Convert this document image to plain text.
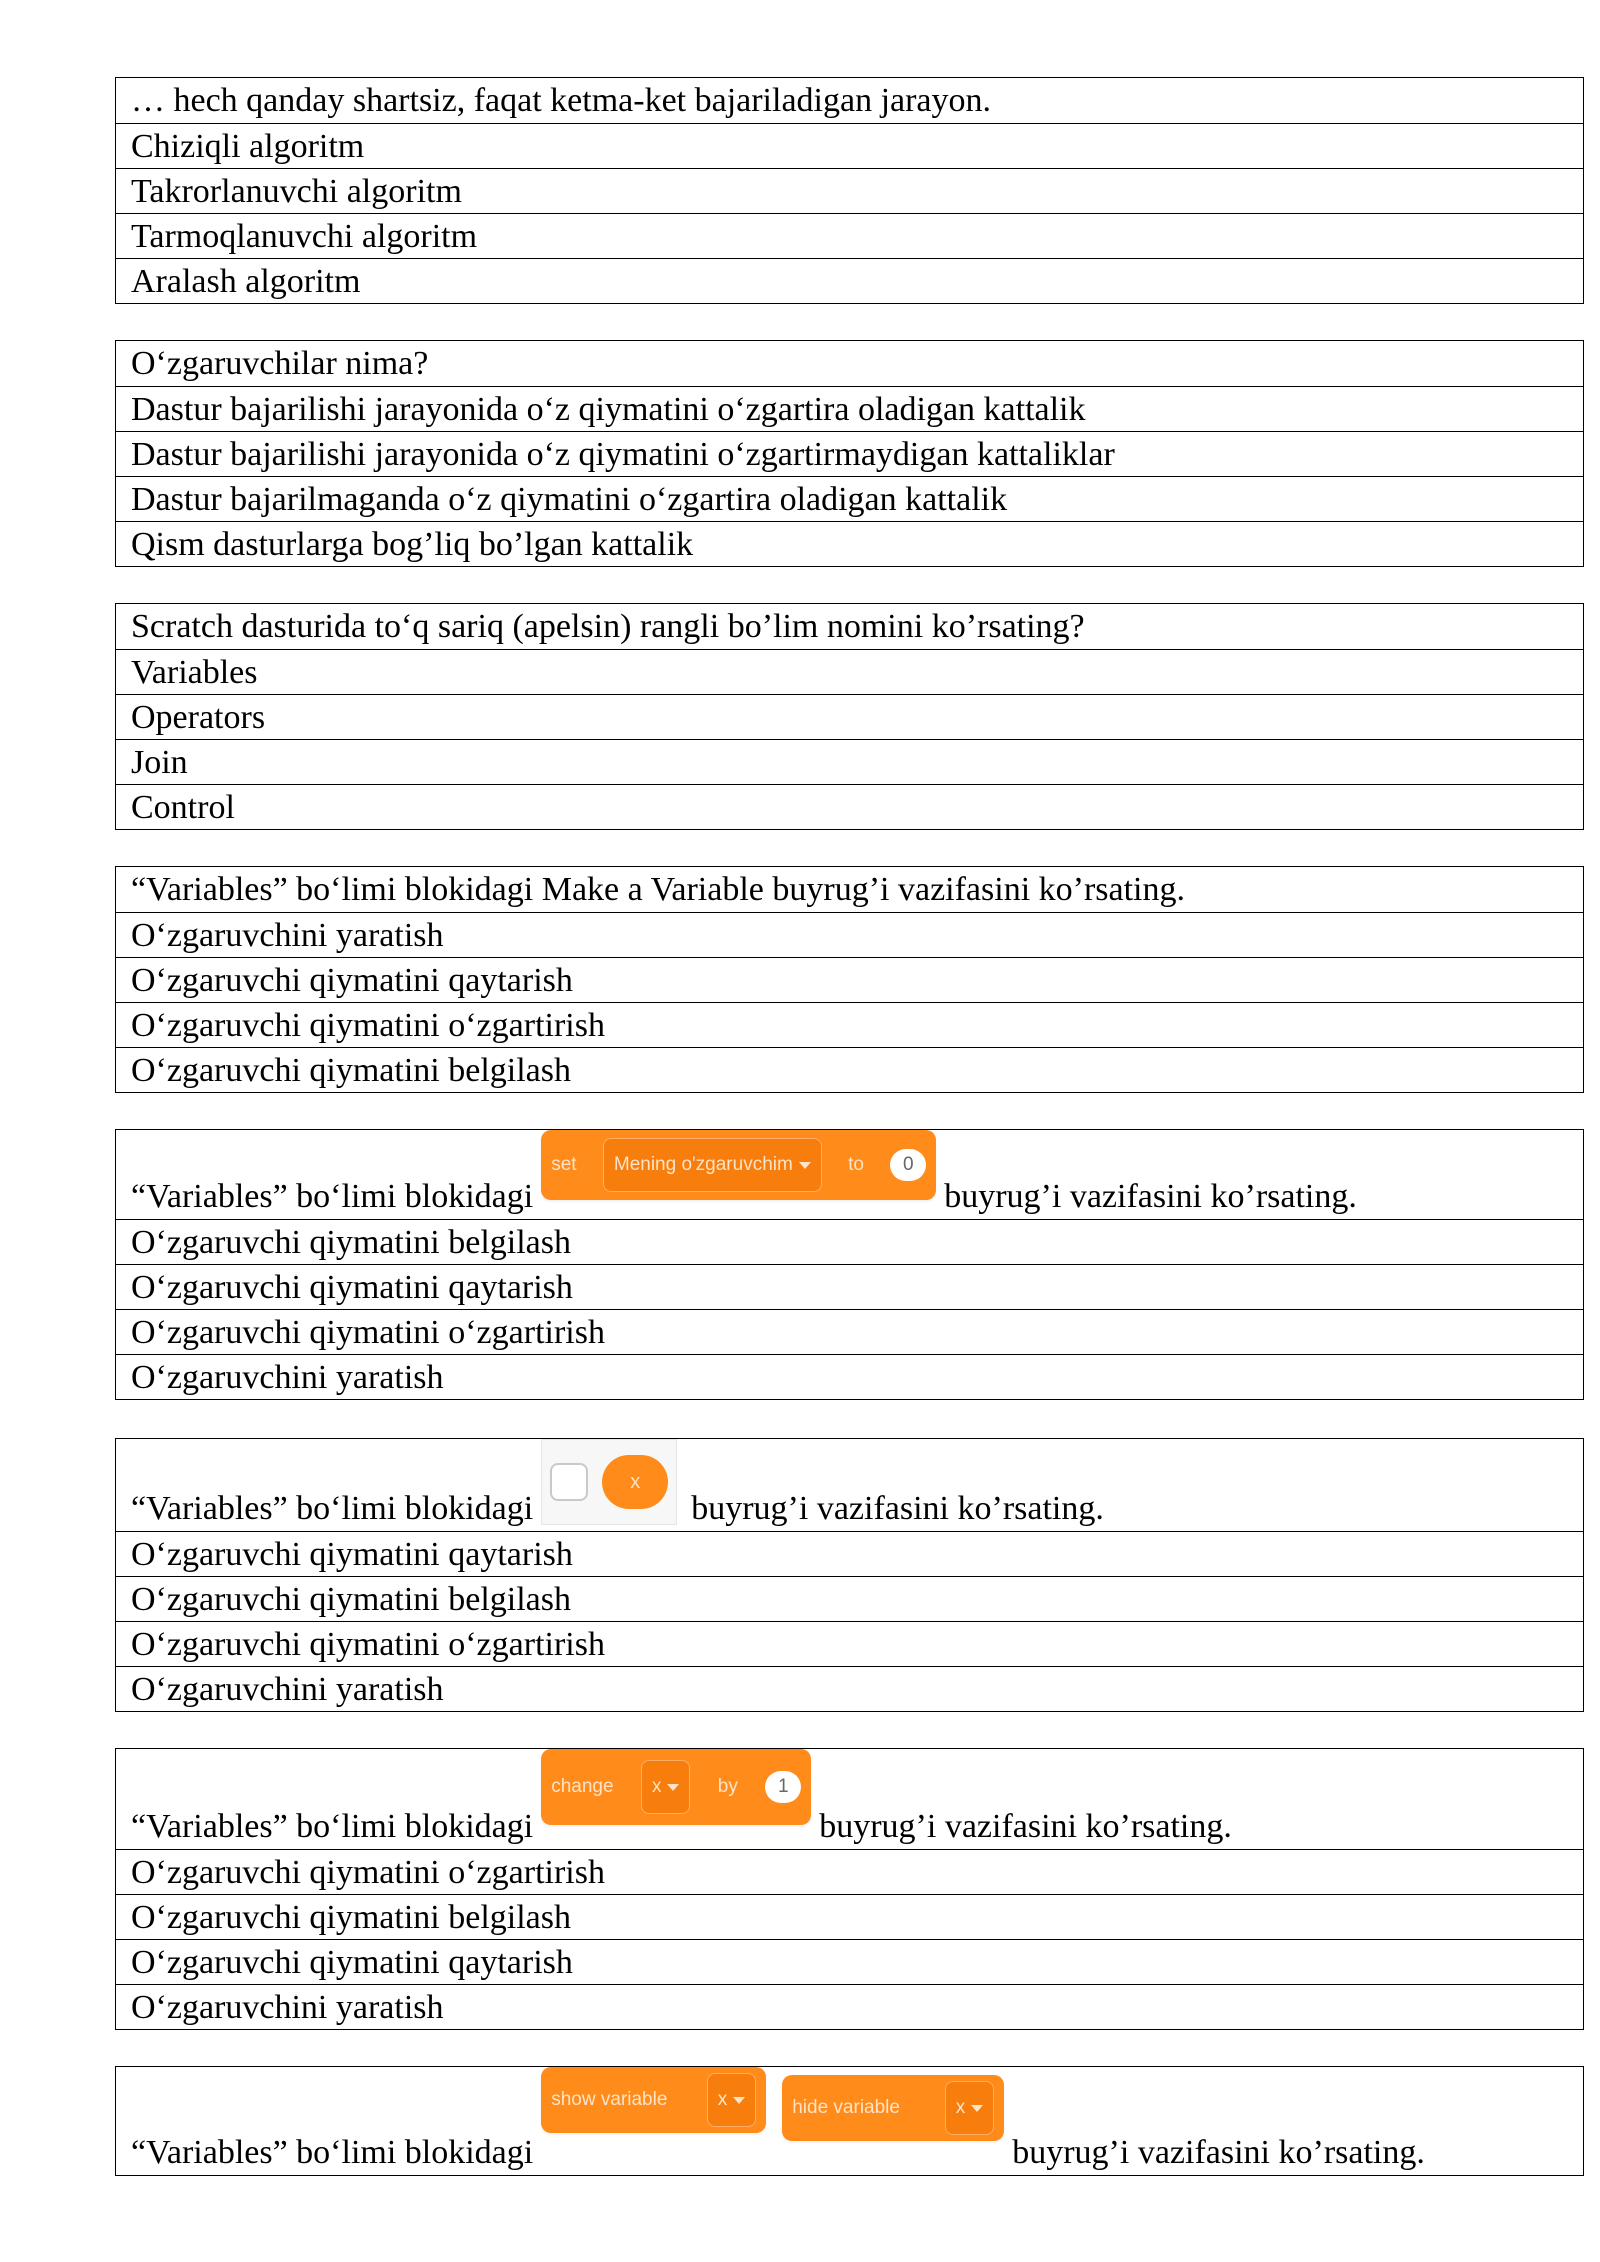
… hech qanday shartsiz, faqat ketma-ket bajariladigan jarayon.
Chiziqli algoritm
Takrorlanuvchi algoritm
Tarmoqlanuvchi algoritm
Aralash algoritm
O‘zgaruvchilar nima?
Dastur bajarilishi jarayonida o‘z qiymatini o‘zgartira oladigan kattalik
Dastur bajarilishi jarayonida o‘z qiymatini o‘zgartirmaydigan kattaliklar
Dastur bajarilmaganda o‘z qiymatini o‘zgartira oladigan kattalik
Qism dasturlarga bog’liq bo’lgan kattalik
Scratch dasturida to‘q sariq (apelsin) rangli bo’lim nomini ko’rsating?
Variables
Operators
Join
Control
“Variables” bo‘limi blokidagi Make a Variable buyrug’i vazifasini ko’rsating.
O‘zgaruvchini yaratish
O‘zgaruvchi qiymatini qaytarish
O‘zgaruvchi qiymatini o‘zgartirish
O‘zgaruvchi qiymatini belgilash
“Variables” bo‘limi blokidagi
set Mening o'zgaruvchim	to	0
buyrug’i vazifasini ko’rsating.
O‘zgaruvchi qiymatini belgilash
O‘zgaruvchi qiymatini qaytarish
O‘zgaruvchi qiymatini o‘zgartirish
O‘zgaruvchini yaratish
“Variables” bo‘limi blokidagi
x
buyrug’i vazifasini ko’rsating.
O‘zgaruvchi qiymatini qaytarish
O‘zgaruvchi qiymatini belgilash
O‘zgaruvchi qiymatini o‘zgartirish
O‘zgaruvchini yaratish
“Variables” bo‘limi blokidagi
change x	by	1
buyrug’i vazifasini ko’rsating.
O‘zgaruvchi qiymatini o‘zgartirish
O‘zgaruvchi qiymatini belgilash
O‘zgaruvchi qiymatini qaytarish
O‘zgaruvchini yaratish
“Variables” bo‘limi blokidagi
show variable	x	hide variable	x
buyrug’i vazifasini ko’rsating.
